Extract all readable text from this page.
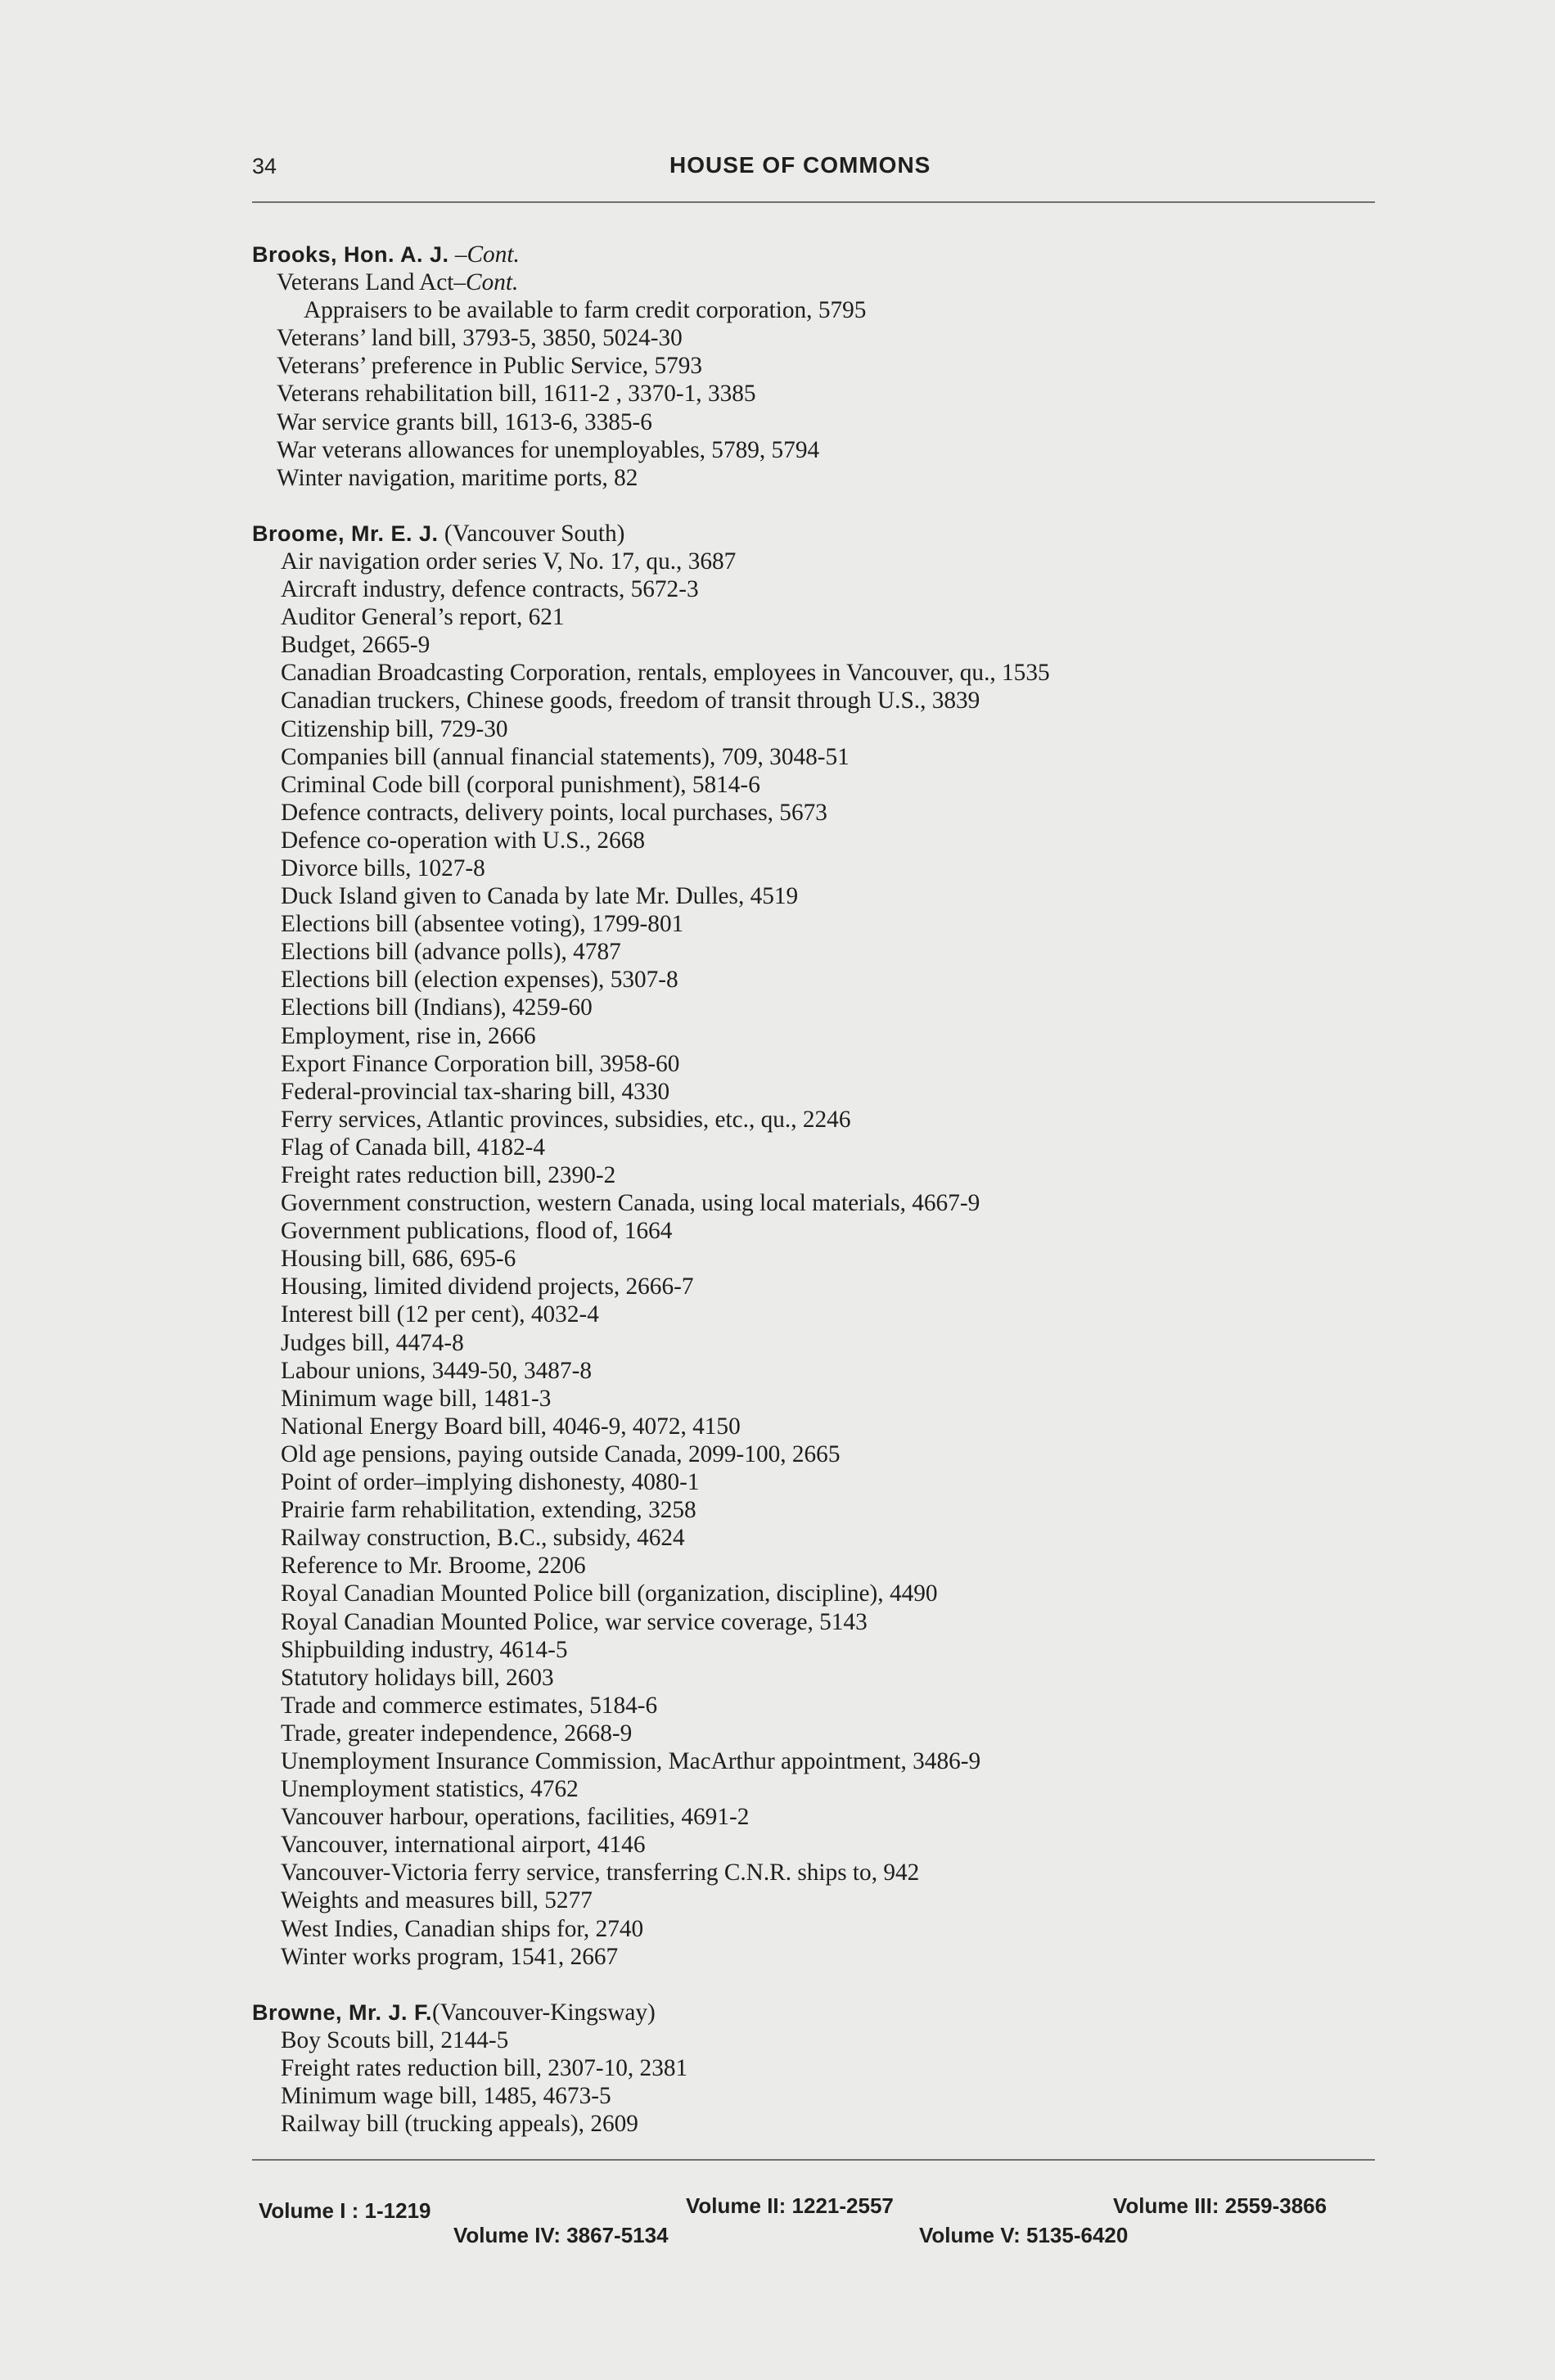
34	HOUSE OF COMMONS
Brooks, Hon. A. J. –Cont.
Veterans Land Act–Cont.
Appraisers to be available to farm credit corporation, 5795
Veterans’ land bill, 3793-5, 3850, 5024-30
Veterans’ preference in Public Service, 5793
Veterans rehabilitation bill, 1611-2 , 3370-1, 3385
War service grants bill, 1613-6, 3385-6
War veterans allowances for unemployables, 5789, 5794
Winter navigation, maritime ports, 82
Broome, Mr. E. J. (Vancouver South)
Air navigation order series V, No. 17, qu., 3687
Aircraft industry, defence contracts, 5672-3
Auditor General’s report, 621
Budget, 2665-9
Canadian Broadcasting Corporation, rentals, employees in Vancouver, qu., 1535
Canadian truckers, Chinese goods, freedom of transit through U.S., 3839
Citizenship bill, 729-30
Companies bill (annual financial statements), 709, 3048-51
Criminal Code bill (corporal punishment), 5814-6
Defence contracts, delivery points, local purchases, 5673
Defence co-operation with U.S., 2668
Divorce bills, 1027-8
Duck Island given to Canada by late Mr. Dulles, 4519
Elections bill (absentee voting), 1799-801
Elections bill (advance polls), 4787
Elections bill (election expenses), 5307-8
Elections bill (Indians), 4259-60
Employment, rise in, 2666
Export Finance Corporation bill, 3958-60
Federal-provincial tax-sharing bill, 4330
Ferry services, Atlantic provinces, subsidies, etc., qu., 2246
Flag of Canada bill, 4182-4
Freight rates reduction bill, 2390-2
Government construction, western Canada, using local materials, 4667-9
Government publications, flood of, 1664
Housing bill, 686, 695-6
Housing, limited dividend projects, 2666-7
Interest bill (12 per cent), 4032-4
Judges bill, 4474-8
Labour unions, 3449-50, 3487-8
Minimum wage bill, 1481-3
National Energy Board bill, 4046-9, 4072, 4150
Old age pensions, paying outside Canada, 2099-100, 2665
Point of order–implying dishonesty, 4080-1
Prairie farm rehabilitation, extending, 3258
Railway construction, B.C., subsidy, 4624
Reference to Mr. Broome, 2206
Royal Canadian Mounted Police bill (organization, discipline), 4490
Royal Canadian Mounted Police, war service coverage, 5143
Shipbuilding industry, 4614-5
Statutory holidays bill, 2603
Trade and commerce estimates, 5184-6
Trade, greater independence, 2668-9
Unemployment Insurance Commission, MacArthur appointment, 3486-9
Unemployment statistics, 4762
Vancouver harbour, operations, facilities, 4691-2
Vancouver, international airport, 4146
Vancouver-Victoria ferry service, transferring C.N.R. ships to, 942
Weights and measures bill, 5277
West Indies, Canadian ships for, 2740
Winter works program, 1541, 2667
Browne, Mr. J. F.(Vancouver-Kingsway)
Boy Scouts bill, 2144-5
Freight rates reduction bill, 2307-10, 2381
Minimum wage bill, 1485, 4673-5
Railway bill (trucking appeals), 2609
Volume I : 1-1219	Volume II: 1221-2557	Volume III: 2559-3866
Volume IV: 3867-5134	Volume V: 5135-6420
